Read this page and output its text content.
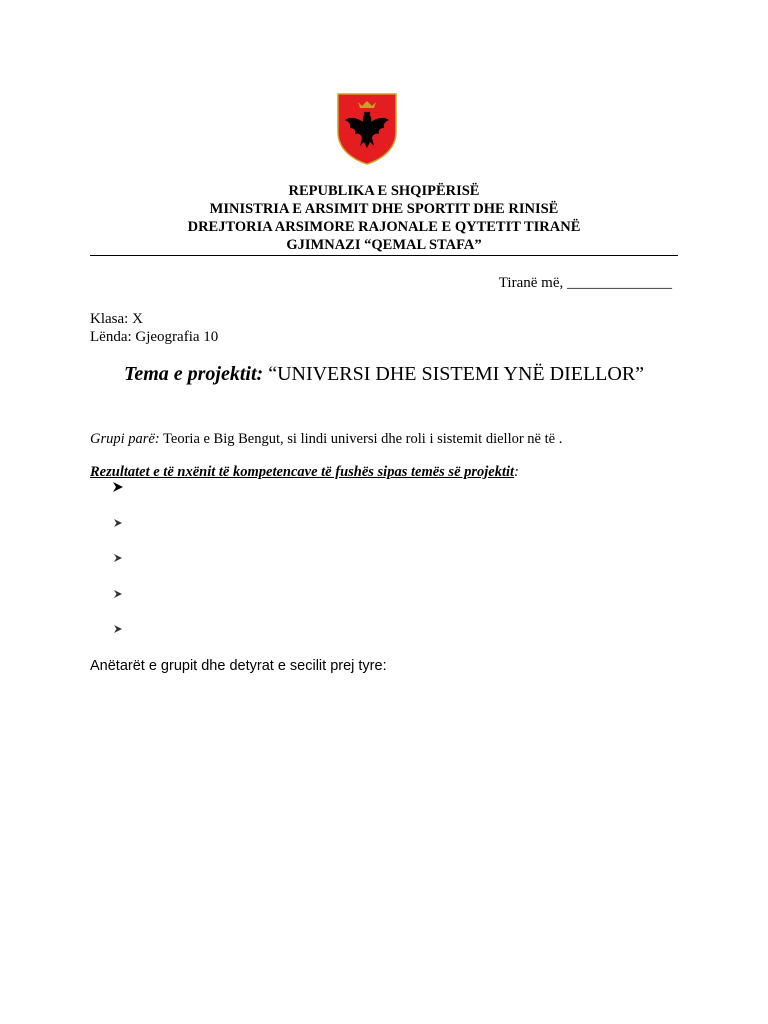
REPUBLIKA E SHQIPËRISË
MINISTRIA E ARSIMIT DHE SPORTIT DHE RINISË
DREJTORIA ARSIMORE RAJONALE E QYTETIT TIRANË
GJIMNAZI “QEMAL STAFA”
Tiranë më, ______________
Klasa: X
Lënda: Gjeografia 10
Tema e projektit: “UNIVERSI DHE SISTEMI YNË DIELLOR”
Grupi parë: Teoria e Big Bengut, si lindi universi dhe roli i sistemit diellor në të .
Rezultatet e të nxënit të kompetencave të fushës sipas temës së projektit:
Anëtarët e grupit dhe detyrat e secilit prej tyre:
